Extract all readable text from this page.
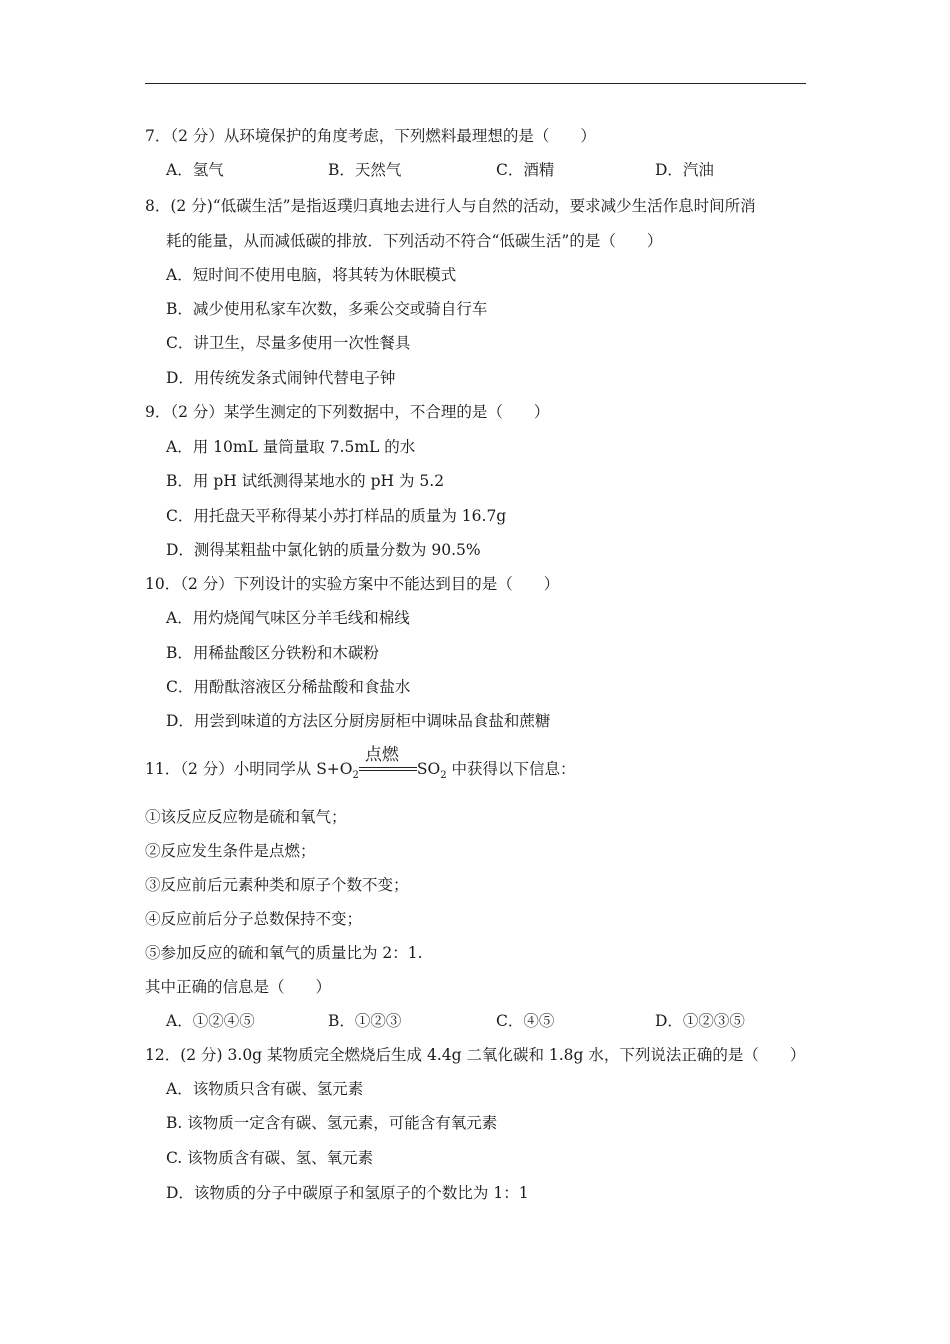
7．（2 分）从环境保护的角度考虑，下列燃料最理想的是（　　）
A．氢气	B．天然气	C．酒精	D．汽油
8．(2 分)“低碳生活”是指返璞归真地去进行人与自然的活动，要求减少生活作息时间所消
耗的能量，从而减低碳的排放．下列活动不符合“低碳生活”的是（　　）
A．短时间不使用电脑，将其转为休眠模式
B．减少使用私家车次数，多乘公交或骑自行车
C．讲卫生，尽量多使用一次性餐具
D．用传统发条式闹钟代替电子钟
9．（2 分）某学生测定的下列数据中，不合理的是（　　）
A．用 10mL 量筒量取 7.5mL 的水
B．用 pH 试纸测得某地水的 pH 为 5.2
C．用托盘天平称得某小苏打样品的质量为 16.7g
D．测得某粗盐中氯化钠的质量分数为 90.5%
10．（2 分）下列设计的实验方案中不能达到目的是（　　）
A．用灼烧闻气味区分羊毛线和棉线
B．用稀盐酸区分铁粉和木碳粉
C．用酚酞溶液区分稀盐酸和食盐水
D．用尝到味道的方法区分厨房厨柜中调味品食盐和蔗糖
11．（2 分）小明同学从 $S+O_2$
点燃
$SO_2$ 中获得以下信息：
①该反应反应物是硫和氧气；
②反应发生条件是点燃；
③反应前后元素种类和原子个数不变；
④反应前后分子总数保持不变；
⑤参加反应的硫和氧气的质量比为 2：1.
其中正确的信息是（　　）
A．①②④⑤	B．①②③	C．④⑤	D．①②③⑤
12．(2 分) 3.0g 某物质完全燃烧后生成 4.4g 二氧化碳和 1.8g 水，下列说法正确的是（　　）
A．该物质只含有碳、氢元素
B. 该物质一定含有碳、氢元素，可能含有氧元素
C. 该物质含有碳、氢、氧元素
D．该物质的分子中碳原子和氢原子的个数比为 1：1
